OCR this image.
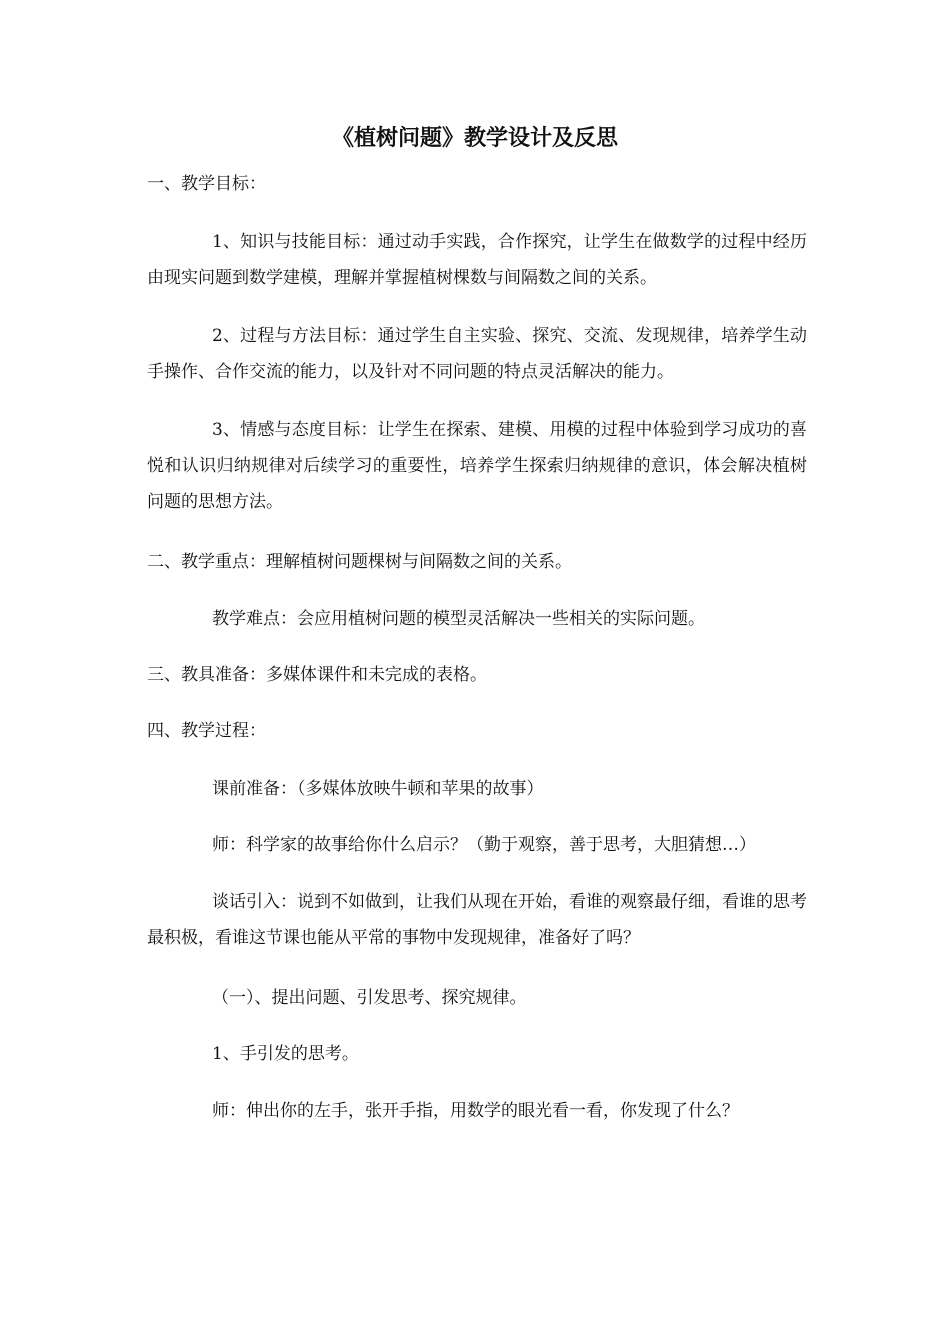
《植树问题》教学设计及反思

一、教学目标：

1、知识与技能目标：通过动手实践，合作探究，让学生在做数学的过程中经历由现实问题到数学建模，理解并掌握植树棵数与间隔数之间的关系。

2、过程与方法目标：通过学生自主实验、探究、交流、发现规律，培养学生动手操作、合作交流的能力，以及针对不同问题的特点灵活解决的能力。

3、情感与态度目标：让学生在探索、建模、用模的过程中体验到学习成功的喜悦和认识归纳规律对后续学习的重要性，培养学生探索归纳规律的意识，体会解决植树问题的思想方法。

二、教学重点：理解植树问题棵树与间隔数之间的关系。

教学难点：会应用植树问题的模型灵活解决一些相关的实际问题。

三、教具准备：多媒体课件和未完成的表格。

四、教学过程：

课前准备：（多媒体放映牛顿和苹果的故事）

师：科学家的故事给你什么启示？（勤于观察，善于思考，大胆猜想…）

谈话引入：说到不如做到，让我们从现在开始，看谁的观察最仔细，看谁的思考最积极，看谁这节课也能从平常的事物中发现规律，准备好了吗？

（一）、提出问题、引发思考、探究规律。

1、手引发的思考。

师：伸出你的左手，张开手指，用数学的眼光看一看，你发现了什么？
